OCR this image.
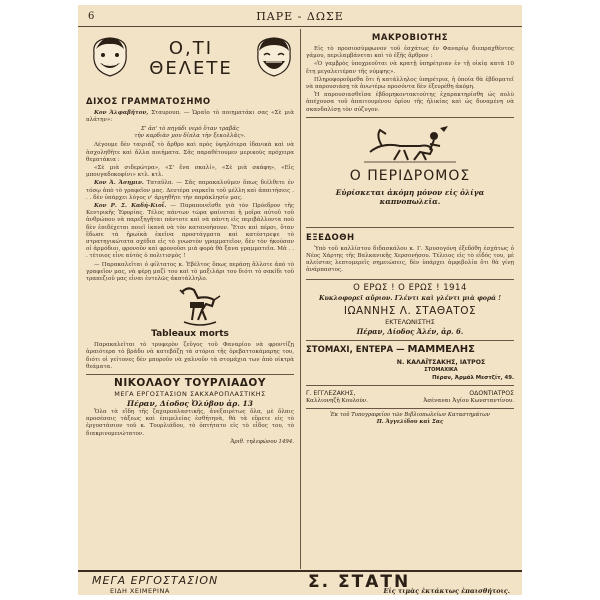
6	ΠΑΡΕ - ΔΩΣΕ
Ο,ΤΙ ΘΕΛΕΤΕ
ΔΙΧΟΣ ΓΡΑΜΜΑΤΟΣΗΜΟ

Κον Ἀλφαβῆτον, Σταυρουπ. — Ὡραῖο τὸ ποιηματάκι σας «Σὲ μιὰ πλάτην»:

Σ' ἀπ' τὸ πηγάδι νερὸ ὅταν τραβᾶς
τὴν καρδιὰν μου δίπλα τὴν ξεκολλᾶς».

Λέγουμε δὲν ταιριάζ τὸ ἄρθρο καὶ πρὸς ὑψηλότερα ἰδανικὰ καὶ νὰ ἀσχοληθῆτε καὶ ἄλλα ποιήματα. Σᾶς παραθέτουμεν μερικοὺς πρόχειρα θεματάκια :

«Σὲ μιὰ σιδερώτρα», «Σ' ἕνα σκαλί», «Σὲ μιὰ σκάφη», «Εἰς μπουγαδοκοφίνι» κτλ. κτλ.

Κον Ἀ. Ἀσημιν. Ταταῦλα. — Σᾶς παρακαλοῦμεν ὅπως διέλθετε ἐν τόσῳ ἀπὸ τὸ γραφεῖον μας. Δευτέρα ναρκεῖα τοῦ μέλλη καὶ ἀπαιτήσεις . . . δὲν ὑπάρχει λόγος ν' ἀργηθῆτε τὴν παράκλησίν μας.

Κον Ρ. Σ. Καδή-Κιοΐ. — Παραπονεῖσθε γιὰ τὸν Πρόεδρον τῆς Κεντρικῆς Ἐφορίας. Τέλος πάντων τώρα φαίνεται ἡ μοῖρα αὐτοῦ τοῦ ἀνθρώπου νὰ παρεξηγῆται πάντοτε καὶ νὰ πάντη εἰς περιβάλλοντα ποὺ δὲν ἐπιδέχεται ποιεῖ ἱκανά νὰ τὸν κατανοήσουν. Ἕτσι καὶ πέρσι, ὅταν ἔδωσε τὰ ἡρωϊκὰ ἐκεῖνα προστάγματα καὶ κατέστρεψε τὸ στρατηγικώτατα σχέδια εἰς τὸ γνωστὸν γραμματεῖον, δὲν τὸν ἠκούσαν οἱ ἀρμόδιοι, φρονοῦν καὶ φρονοῦσι μιὰ φορὰ θὰ ξανα γραμματεῖα. Μὰ . . . τέτοιος εἶνε αὐτὸς ὁ πολιτισμὸς !

— Παρακαλεῖται ὁ φίλτατος κ. Ἐβέλτος ὅπως περάσῃ ἄλλοτε ἀπὸ τὸ γραφεῖον μας, νὰ φέρῃ μαζί του καὶ τὸ μαξιλάρι του διότι τὸ σακίδι τοῦ τραπεζιοῦ μας εἶναι ἐντελῶς ἀκατάλληλο.

Tableaux morts

Παρακαλεῖται τὸ τρυφερὸν ζεῦγος τοῦ Φαναρίου νὰ φροντίζῃ ἀραιότερα τὸ βράδυ νὰ κατεβάζῃ τὰ στόρια τῆς ὀρεβαττοκάμαρης του, διότι οἱ γείτονες δὲν μποροῦν νὰ χαλνοῦν τὰ στομάχια των ἀπὸ οἰκτρὰ θεάματα.

ΝΙΚΟΛΑΟΥ ΤΟΥΡΛΙΑΔΟΥ
ΜΕΓΑ ΕΡΓΟΣΤΑΣΙΟΝ ΣΑΚΧΑΡΟΠΛΑΣΤΙΚΗΣ
Πέραν, Δίοδος Ὀλύβου ἀρ. 13

Ὅλα τὰ εἴδη τῆς ζαχαροπλαστικῆς, ἀνεξαιρέτως ὅλα, μὲ ὅλαις προσέσαις τάξεως καὶ ἐπιμελείας ἐσθήτηνὰ, θὰ τὰ εὕρετε εἰς τὸ ἐργοστάσιον τοῦ κ. Τουρλιάδου, τὸ ὀπτήτατο εἰς τὸ εἶδος του, τὸ διακρινομενώτατον.

Ἀριθ. τηλεφώνου 1494.
ΜΑΚΡΟΒΙΟΤΗΣ

Εἰς τὸ προσιοσύμφωνον τοῦ ἐσχάτως ἐν Φαναρίῳ διεπραχθέντος γάμου, περιλαμβάνεται καὶ τὸ ἑξῆς ἄρθρον :

«Ὁ γαμβρὸς ὑποχρεοῦται νὰ κρατῇ ὑπηρέτριαν ἐν τῇ οἰκίᾳ κατὰ 10 ἔτη μεγαλειτέραν τῆς νύμφης».

Πληροφοροῦμεθα ὅτι ἡ κατάλληλος ὑπηρέτρια, ἡ ὁποία θὰ ἐβδοματεῖ νὰ παρουσιάσῃ τὰ ἀνωτέρω προσόντα δὲν ἐξευρέθη ἀκόμη.

Ἡ παρουσιασθεῖσα ἑβδομηκοντακτούτης ἐχαρακτηρίσθη ὡς πολὺ ἀπέχουσα τοῦ ἀπαιτουμένου ὁρίου τῆς ἡλικίας καὶ ὡς δυναμένη νὰ σκανδαλίσῃ τὸν σύζυγον.

Ο ΠΕΡΙΔΡΟΜΟΣ
Εὑρίσκεται ἀκόμη μόνον εἰς ὀλίγα καπνοπωλεῖα.
ΕΞΕΔΟΘΗ

Ὑπὸ τοῦ καλλίστου διδασκάλου κ. Γ. Χρυσογόνη ἐξεδόθη ἐσχάτως ὁ Νέος Χάρτης τῆς Βαλκανικῆς Χερσονήσου. Τέλειος εἰς τὸ εἶδός του, μὲ πλείστας λεπτομερεῖς σημειώσεις, δὲν ὑπάρχει ἀμφιβολία ὅτι θὰ γίνῃ ἀνάρπαστος.

Ο ΕΡΩΣ ! Ο ΕΡΩΣ ! 1914
Κυκλοφορεῖ αὔριον. Γλέντι καὶ γλέντι μιὰ φορά !
ΙΩΑΝΝΗΣ Λ. ΣΤΑΘΑΤΟΣ
ΕΚΤΕΛΩΝΙΣΤΗΣ
Πέραν, Δίοδος Ἀλέν, ἀρ. 6.
ΣΤΟΜΑΧΙ, ΕΝΤΕΡΑ — ΜΑΜΜΕΛΗΣ
Ν. ΚΑΛΑΪΤΣΑΚΗΣ, ΙΑΤΡΟΣ
ΣΤΟΜΑΧΙΚΑ
Πέραν, Ἀρμάλ Μεστζίτ, 49.
Γ. ΕΓΓΛΕΖΑΚΗΣ,	ΟΔΟΝΤΙΑΤΡΟΣ
Καλλιονηζῆ Κουλούν.	Ἀσέναναι Ἁγίου Κωνσταντίνου.
Ἐκ τοῦ Τυπογραφείου τῶν Βιβλιοπωλείων Καταστημάτων
Π. Ἀγγελίδου καὶ Σας
ΜΕΓΑ ΕΡΓΟΣΤΑΣΙΟΝ
ΕΙΔΗ ΧΕΙΜΕΡΙΝΑ	Σ. ΣΤΑΤΝ
Εἰς τιμὰς ἐκτάκτως ἐπαισθήτοις.
